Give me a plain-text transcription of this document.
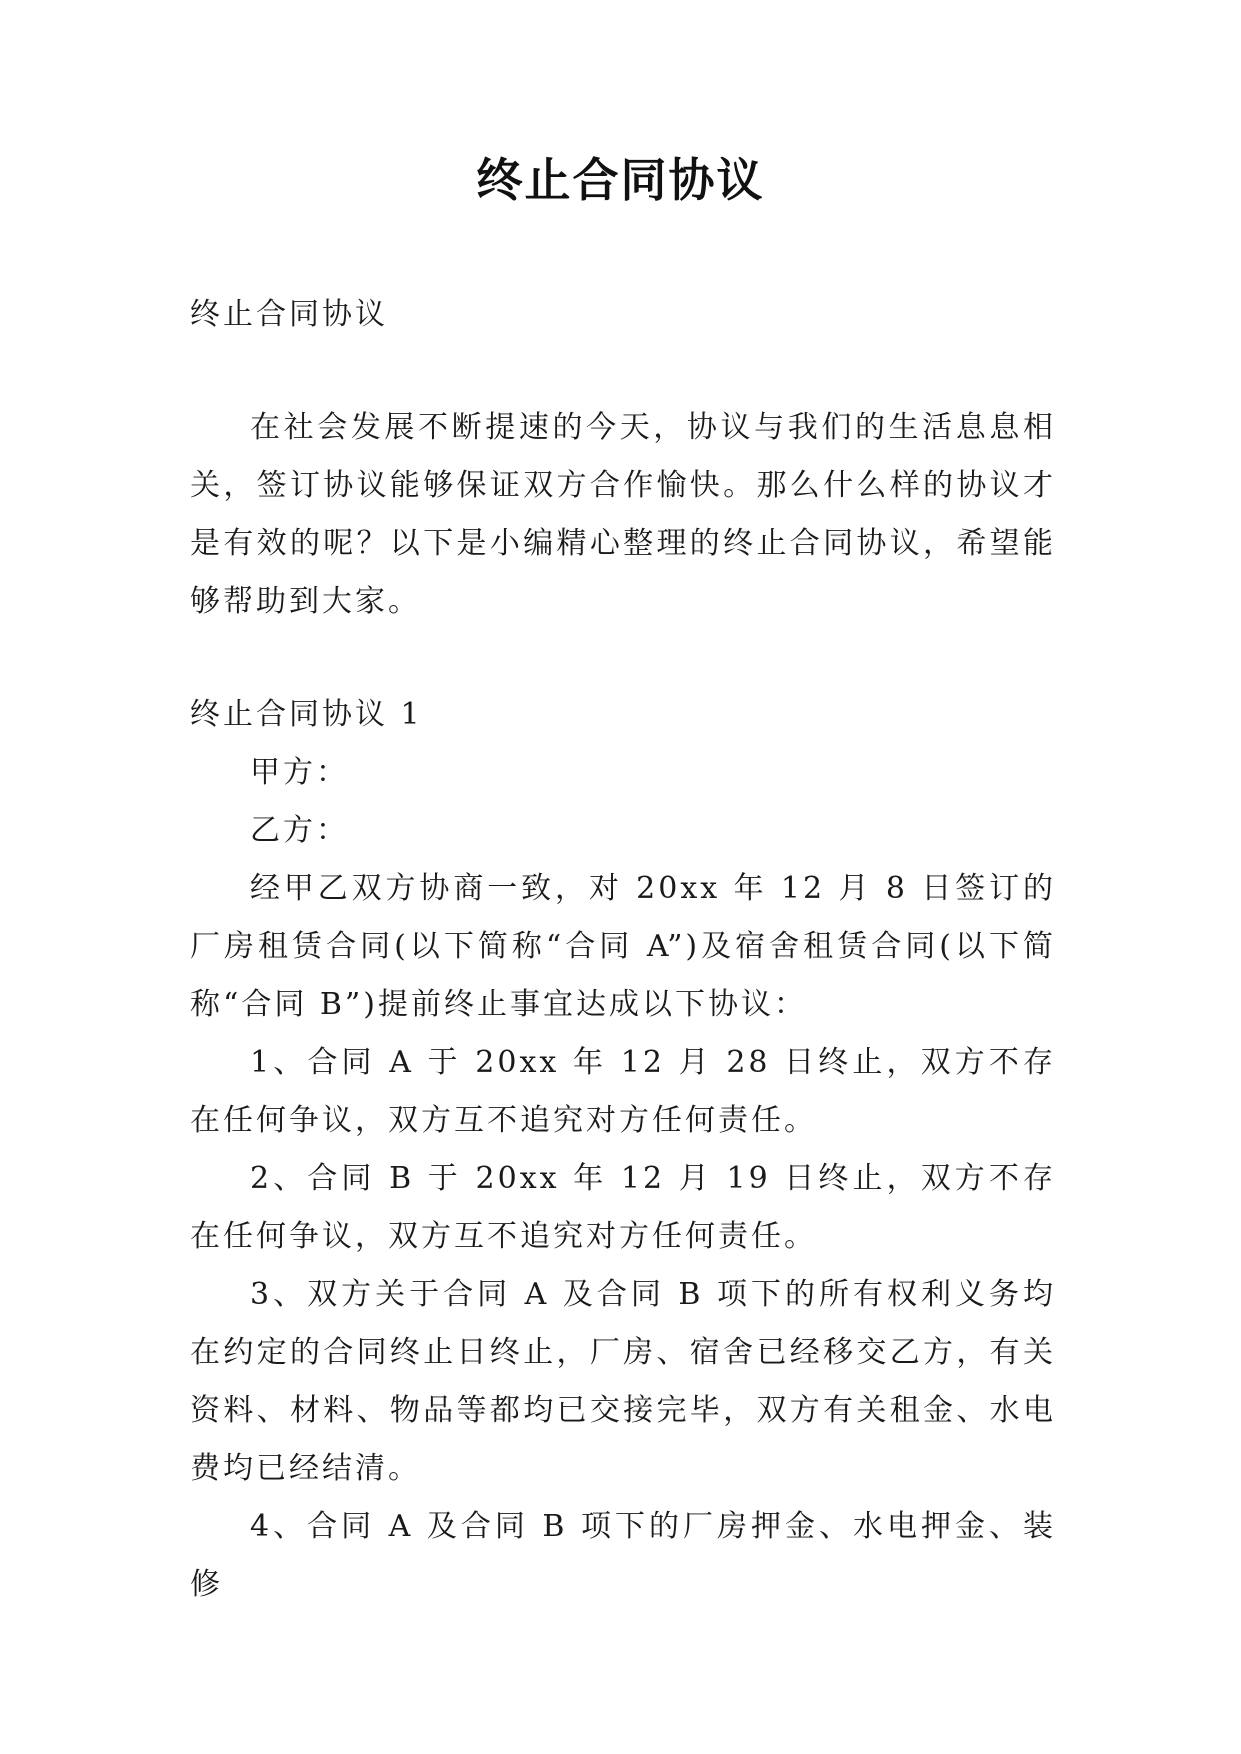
终止合同协议

终止合同协议

在社会发展不断提速的今天，协议与我们的生活息息相关，签订协议能够保证双方合作愉快。那么什么样的协议才是有效的呢？以下是小编精心整理的终止合同协议，希望能够帮助到大家。

终止合同协议 1

甲方：

乙方：

经甲乙双方协商一致，对 20xx 年 12 月 8 日签订的厂房租赁合同(以下简称“合同 A”)及宿舍租赁合同(以下简称“合同 B”)提前终止事宜达成以下协议：

1、合同 A 于 20xx 年 12 月 28 日终止，双方不存在任何争议，双方互不追究对方任何责任。

2、合同 B 于 20xx 年 12 月 19 日终止，双方不存在任何争议，双方互不追究对方任何责任。

3、双方关于合同 A 及合同 B 项下的所有权利义务均在约定的合同终止日终止，厂房、宿舍已经移交乙方，有关资料、材料、物品等都均已交接完毕，双方有关租金、水电费均已经结清。

4、合同 A 及合同 B 项下的厂房押金、水电押金、装修
